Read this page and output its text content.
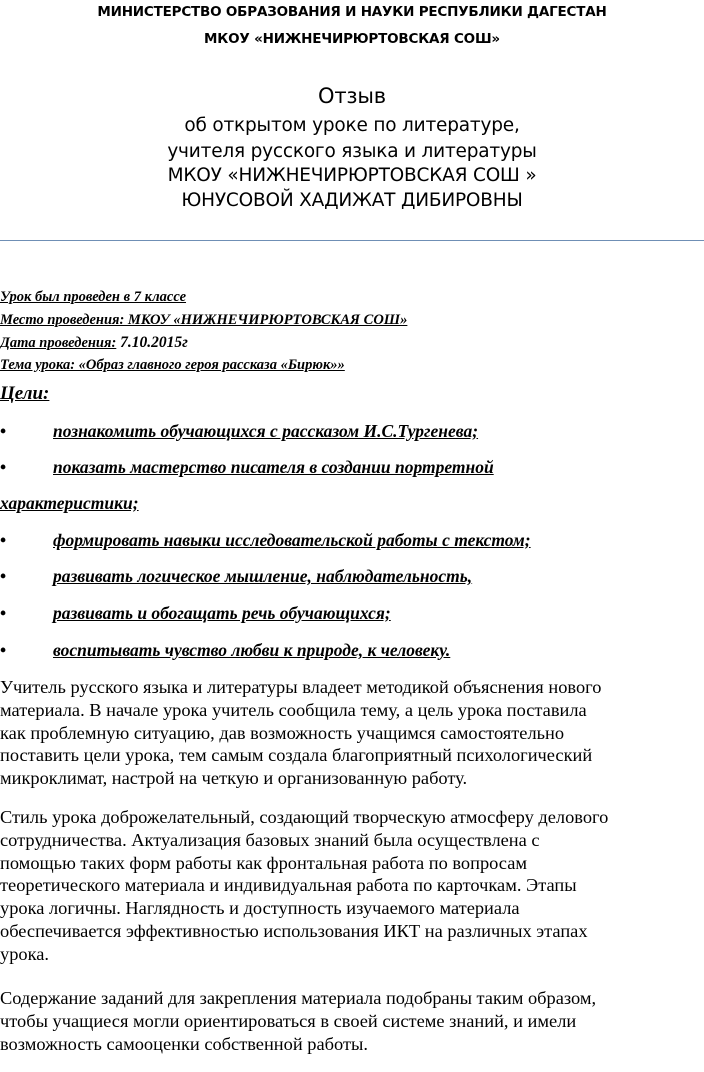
МИНИСТЕРСТВО ОБРАЗОВАНИЯ И НАУКИ РЕСПУБЛИКИ ДАГЕСТАН

МКОУ «НИЖНЕЧИРЮРТОВСКАЯ СОШ»

Отзыв

об открытом уроке по литературе,

учителя русского языка и литературы

МКОУ «НИЖНЕЧИРЮРТОВСКАЯ СОШ »

ЮНУСОВОЙ ХАДИЖАТ ДИБИРОВНЫ

Урок был проведен в 7 классе

Место проведения: МКОУ «НИЖНЕЧИРЮРТОВСКАЯ СОШ»

Дата проведения: 7.10.2015г

Тема урока: «Образ главного героя рассказа «Бирюк»»

Цели:

•	познакомить обучающихся с рассказом И.С.Тургенева;

•	показать мастерство писателя в создании портретной

характеристики;

•	формировать навыки исследовательской работы с текстом;

•	развивать логическое мышление, наблюдательность,

•	развивать и обогащать речь обучающихся;

•	воспитывать чувство любви к природе, к человеку.

Учитель русского языка и литературы владеет методикой объяснения нового
материала. В начале урока учитель сообщила тему, а цель урока поставила
как проблемную ситуацию, дав возможность учащимся самостоятельно
поставить цели урока, тем самым создала благоприятный психологический
микроклимат, настрой на четкую и организованную работу.
Стиль урока доброжелательный, создающий творческую атмосферу делового
сотрудничества. Актуализация базовых знаний была осуществлена с
помощью таких форм работы как фронтальная работа по вопросам
теоретического материала и индивидуальная работа по карточкам. Этапы
урока логичны. Наглядность и доступность изучаемого материала
обеспечивается эффективностью использования ИКТ на различных этапах
урока.
Содержание заданий для закрепления материала подобраны таким образом,
чтобы учащиеся могли ориентироваться в своей системе знаний, и имели
возможность самооценки собственной работы.
